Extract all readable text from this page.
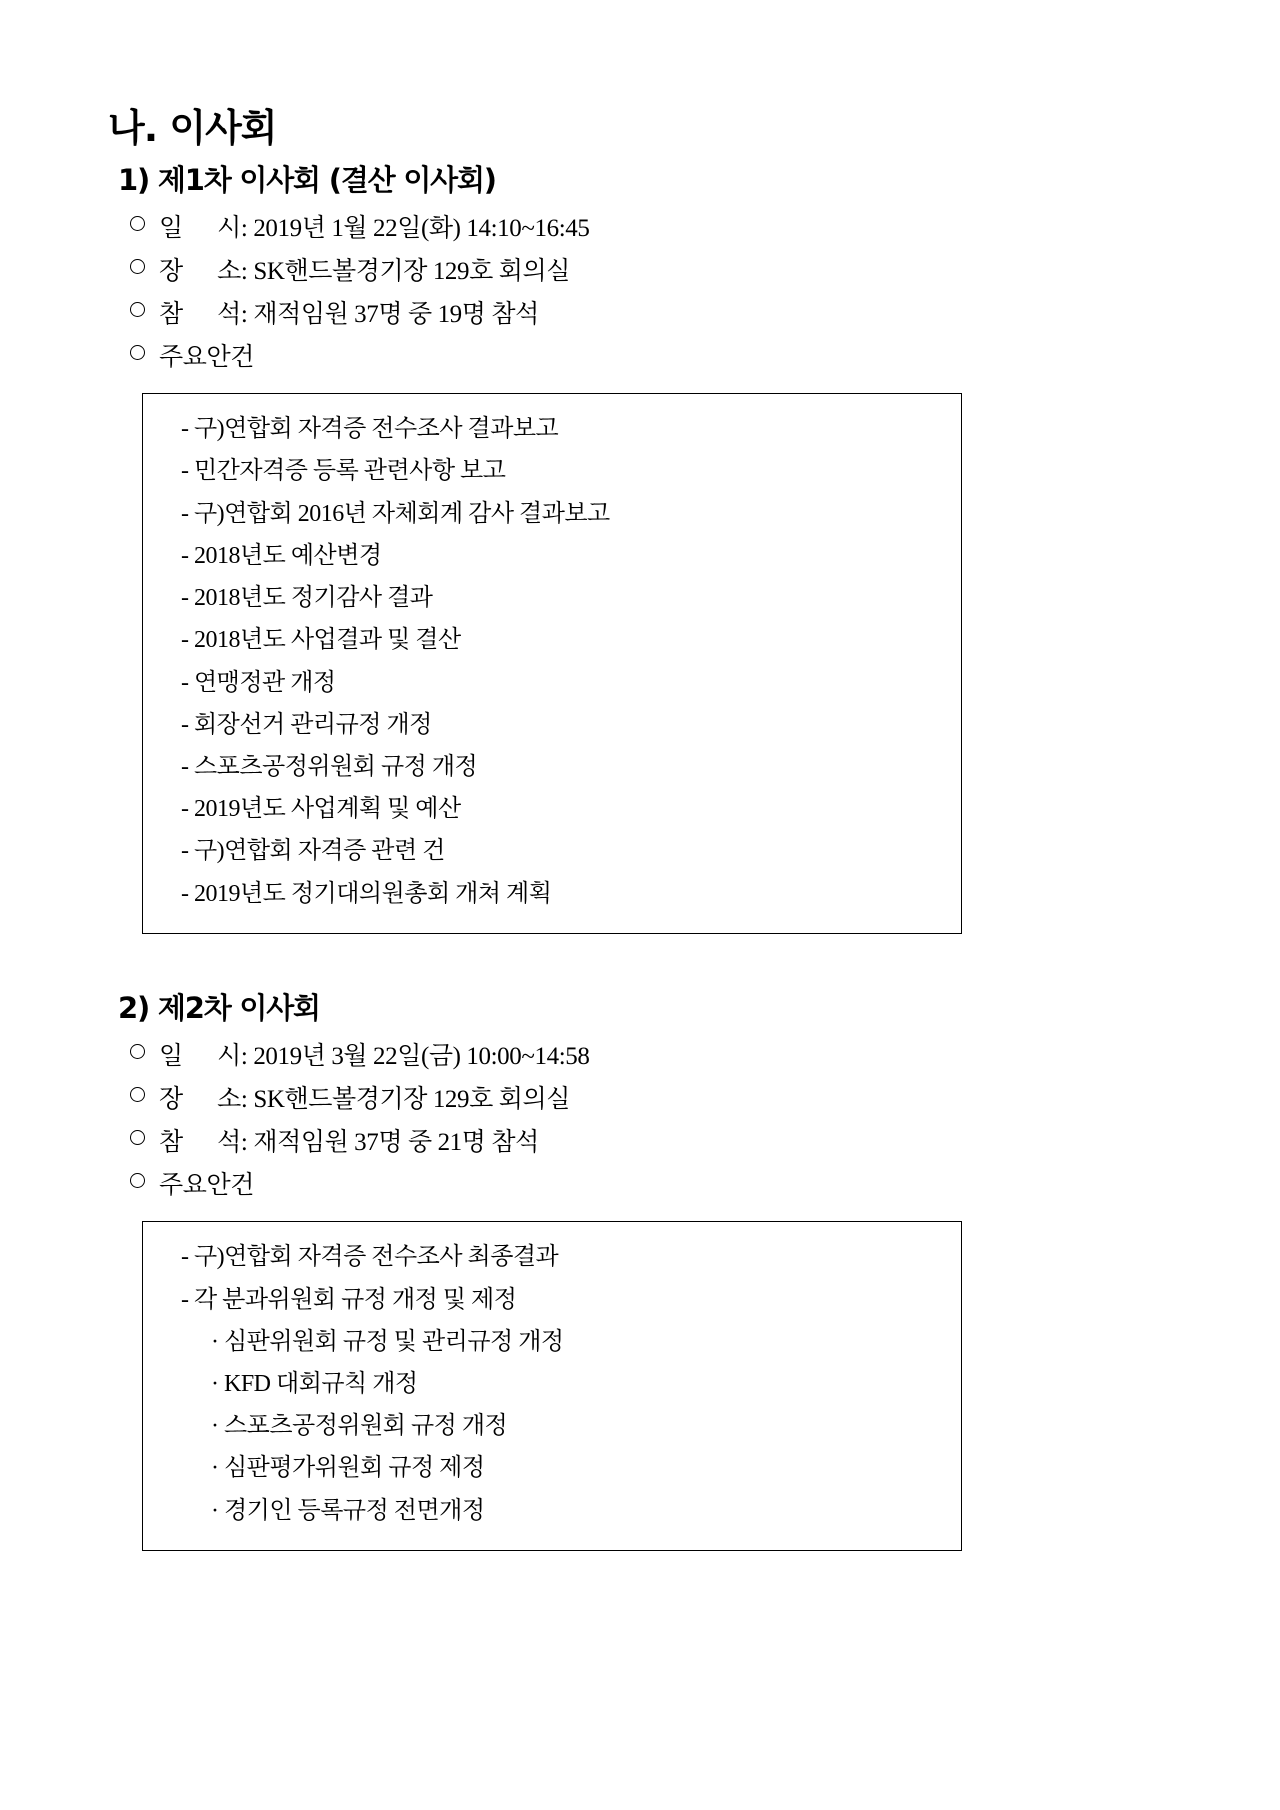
나. 이사회
1) 제1차 이사회 (결산 이사회)
일시 : 2019년 1월 22일(화) 14:10~16:45
장소 : SK핸드볼경기장 129호 회의실
참석 : 재적임원 37명 중 19명 참석
주요안건
- 구)연합회 자격증 전수조사 결과보고
- 민간자격증 등록 관련사항 보고
- 구)연합회 2016년 자체회계 감사 결과보고
- 2018년도 예산변경
- 2018년도 정기감사 결과
- 2018년도 사업결과 및 결산
- 연맹정관 개정
- 회장선거 관리규정 개정
- 스포츠공정위원회 규정 개정
- 2019년도 사업계획 및 예산
- 구)연합회 자격증 관련 건
- 2019년도 정기대의원총회 개쳐 계획
2) 제2차 이사회
일시 : 2019년 3월 22일(금) 10:00~14:58
장소 : SK핸드볼경기장 129호 회의실
참석 : 재적임원 37명 중 21명 참석
주요안건
- 구)연합회 자격증 전수조사 최종결과
- 각 분과위원회 규정 개정 및 제정
· 심판위원회 규정 및 관리규정 개정
· KFD 대회규칙 개정
· 스포츠공정위원회 규정 개정
· 심판평가위원회 규정 제정
· 경기인 등록규정 전면개정
